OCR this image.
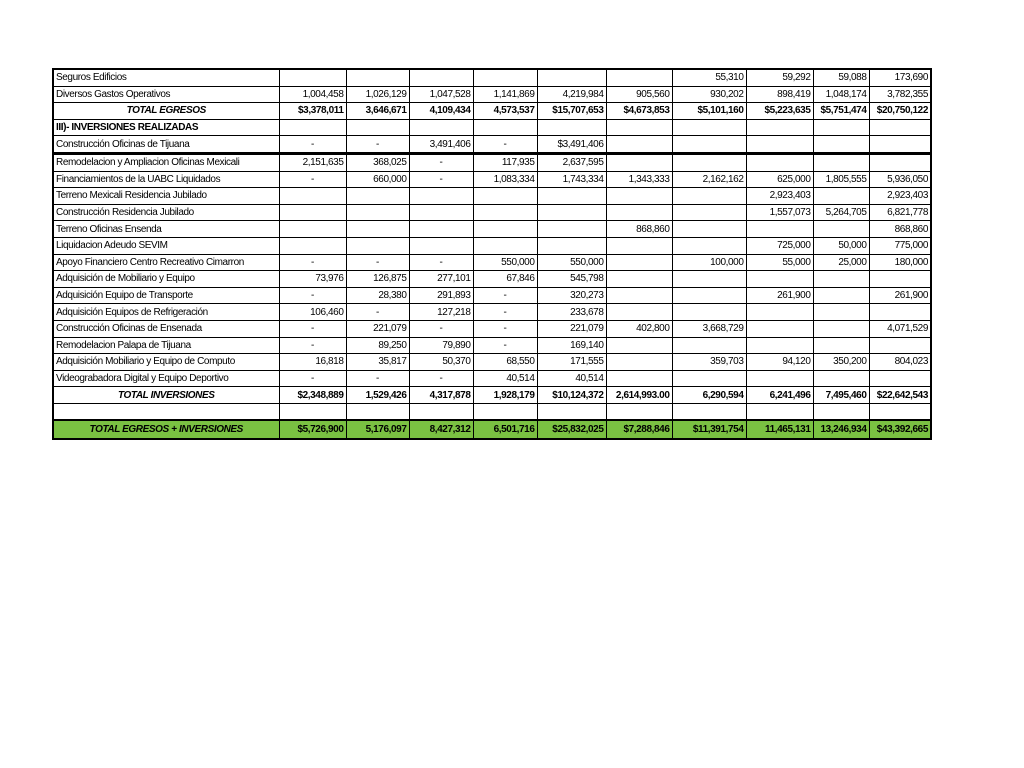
Seguros Edificios							55,310	59,292	59,088	173,690
Diversos Gastos Operativos	1,004,458	1,026,129	1,047,528	1,141,869	4,219,984	905,560	930,202	898,419	1,048,174	3,782,355
TOTAL EGRESOS	$3,378,011	3,646,671	4,109,434	4,573,537	$15,707,653	$4,673,853	$5,101,160	$5,223,635	$5,751,474	$20,750,122
III)- INVERSIONES REALIZADAS										
Construcción Oficinas de Tijuana	-	-	3,491,406	-	$3,491,406					
Remodelacion y Ampliacion Oficinas Mexicali	2,151,635	368,025	-	117,935	2,637,595					
Financiamientos de la UABC Liquidados	-	660,000	-	1,083,334	1,743,334	1,343,333	2,162,162	625,000	1,805,555	5,936,050
Terreno Mexicali Residencia Jubilado								2,923,403		2,923,403
Construcción Residencia Jubilado								1,557,073	5,264,705	6,821,778
Terreno Oficinas Ensenda						868,860				868,860
Liquidacion Adeudo SEVIM								725,000	50,000	775,000
Apoyo Financiero Centro Recreativo Cimarron	-	-	-	550,000	550,000		100,000	55,000	25,000	180,000
Adquisición de Mobiliario y Equipo	73,976	126,875	277,101	67,846	545,798					
Adquisición Equipo de Transporte	-	28,380	291,893	-	320,273			261,900		261,900
Adquisición Equipos de Refrigeración	106,460	-	127,218	-	233,678					
Construcción Oficinas de Ensenada	-	221,079	-	-	221,079	402,800	3,668,729			4,071,529
Remodelacion Palapa de Tijuana	-	89,250	79,890	-	169,140					
Adquisición Mobiliario y Equipo de Computo	16,818	35,817	50,370	68,550	171,555		359,703	94,120	350,200	804,023
Videograbadora Digital y Equipo Deportivo	-	-	-	40,514	40,514					
TOTAL INVERSIONES	$2,348,889	1,529,426	4,317,878	1,928,179	$10,124,372	2,614,993.00	6,290,594	6,241,496	7,495,460	$22,642,543

TOTAL EGRESOS + INVERSIONES	$5,726,900	5,176,097	8,427,312	6,501,716	$25,832,025	$7,288,846	$11,391,754	11,465,131	13,246,934	$43,392,665
